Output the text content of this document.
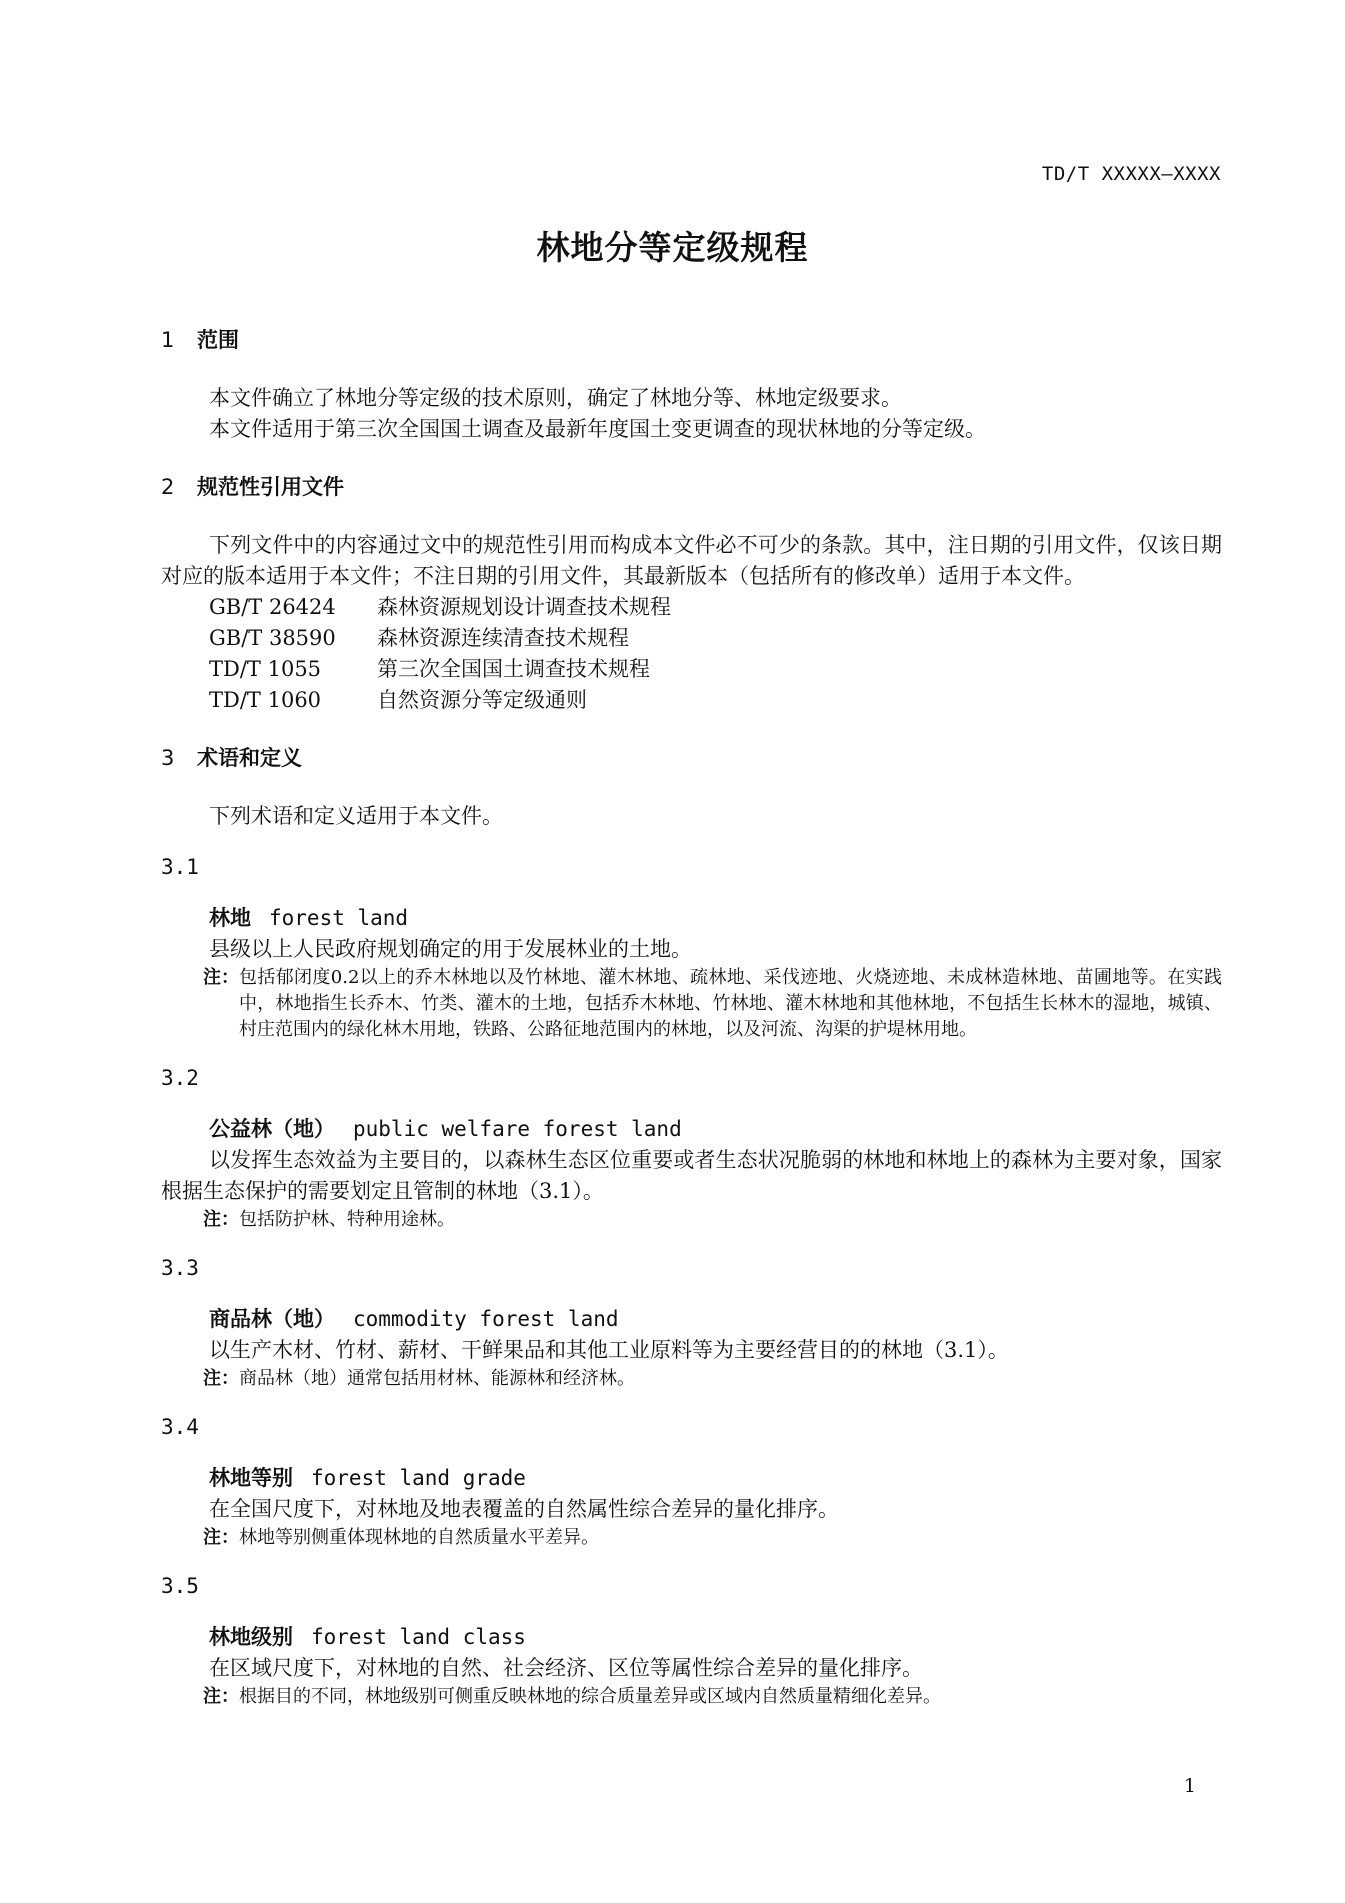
TD/T XXXXX—XXXX
林地分等定级规程
1 范围

本文件确立了林地分等定级的技术原则，确定了林地分等、林地定级要求。

本文件适用于第三次全国国土调查及最新年度国土变更调查的现状林地的分等定级。

2 规范性引用文件

下列文件中的内容通过文中的规范性引用而构成本文件必不可少的条款。其中，注日期的引用文件，仅该日期对应的版本适用于本文件；不注日期的引用文件，其最新版本（包括所有的修改单）适用于本文件。

GB/T 26424 森林资源规划设计调查技术规程
GB/T 38590 森林资源连续清查技术规程
TD/T 1055	第三次全国国土调查技术规程
TD/T 1060	自然资源分等定级通则
3 术语和定义

下列术语和定义适用于本文件。

3.1
林地 forest land

县级以上人民政府规划确定的用于发展林业的土地。

注： 包括郁闭度0.2以上的乔木林地以及竹林地、灌木林地、疏林地、采伐迹地、火烧迹地、未成林造林地、苗圃地等。在实践中，林地指生长乔木、竹类、灌木的土地，包括乔木林地、竹林地、灌木林地和其他林地，不包括生长林木的湿地，城镇、村庄范围内的绿化林木用地，铁路、公路征地范围内的林地，以及河流、沟渠的护堤林用地。
3.2
公益林（地） public welfare forest land

以发挥生态效益为主要目的，以森林生态区位重要或者生态状况脆弱的林地和林地上的森林为主要对象，国家根据生态保护的需要划定且管制的林地（3.1）。

注： 包括防护林、特种用途林。
3.3
商品林（地） commodity forest land

以生产木材、竹材、薪材、干鲜果品和其他工业原料等为主要经营目的的林地（3.1）。

注： 商品林（地）通常包括用材林、能源林和经济林。
3.4
林地等别 forest land grade

在全国尺度下，对林地及地表覆盖的自然属性综合差异的量化排序。

注： 林地等别侧重体现林地的自然质量水平差异。
3.5
林地级别 forest land class

在区域尺度下，对林地的自然、社会经济、区位等属性综合差异的量化排序。

注： 根据目的不同，林地级别可侧重反映林地的综合质量差异或区域内自然质量精细化差异。
1
